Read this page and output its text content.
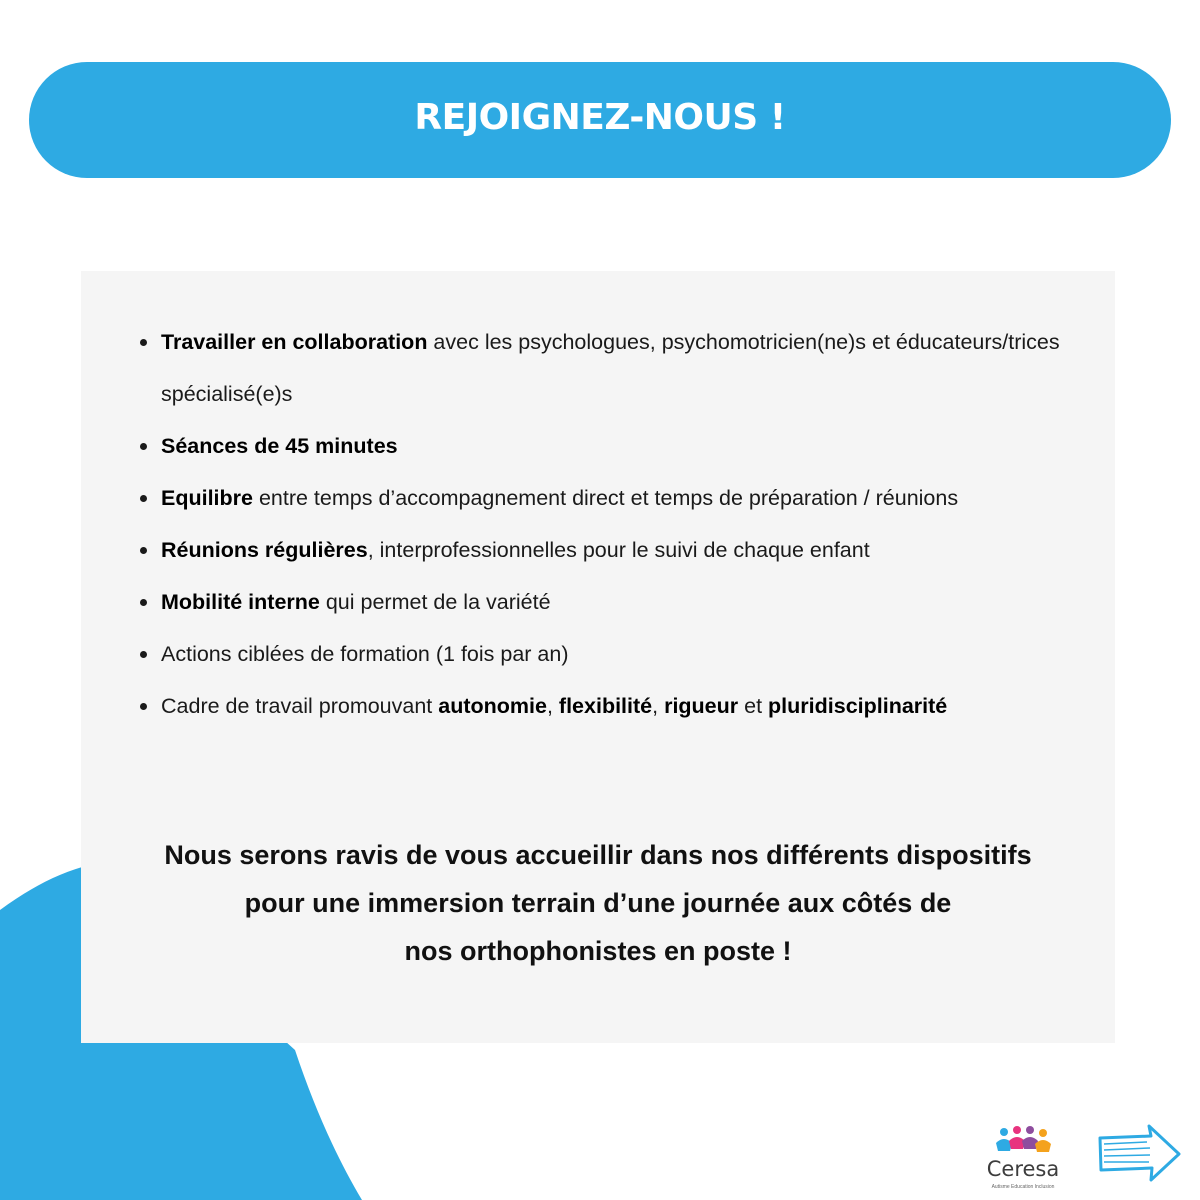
REJOIGNEZ-NOUS !
Travailler en collaboration avec les psychologues, psychomotricien(ne)s et éducateurs/trices spécialisé(e)s
Séances de 45 minutes
Equilibre entre temps d’accompagnement direct et temps de préparation / réunions
Réunions régulières, interprofessionnelles pour le suivi de chaque enfant
Mobilité interne qui permet de la variété
Actions ciblées de formation (1 fois par an)
Cadre de travail promouvant autonomie, flexibilité, rigueur et pluridisciplinarité
Nous serons ravis de vous accueillir dans nos différents dispositifs
pour une immersion terrain d’une journée aux côtés de
nos orthophonistes en poste !
Ceresa
Autisme Education Inclusion
